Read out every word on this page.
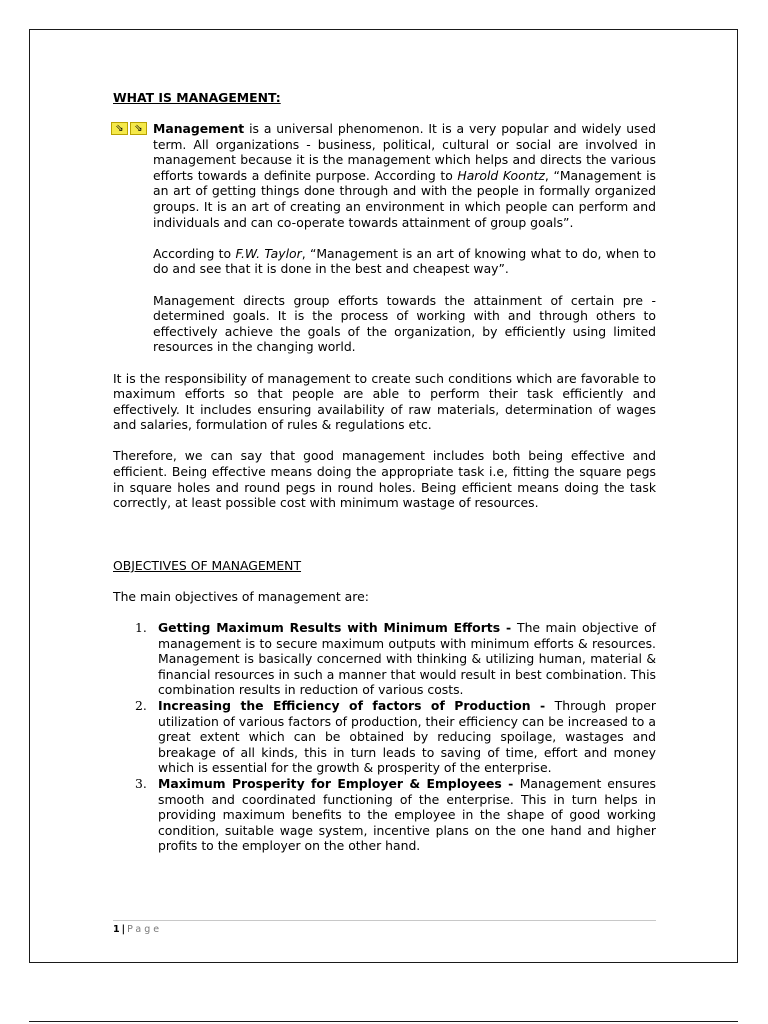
WHAT IS MANAGEMENT:

⇘	⇘ Management is a universal phenomenon. It is a very popular and widely used term. All organizations - business, political, cultural or social are involved in management because it is the management which helps and directs the various efforts towards a definite purpose. According to Harold Koontz, “Management is an art of getting things done through and with the people in formally organized groups. It is an art of creating an environment in which people can perform and individuals and can co-operate towards attainment of group goals”.

According to F.W. Taylor, “Management is an art of knowing what to do, when to do and see that it is done in the best and cheapest way”.

Management directs group efforts towards the attainment of certain pre - determined goals. It is the process of working with and through others to effectively achieve the goals of the organization, by efficiently using limited resources in the changing world.

It is the responsibility of management to create such conditions which are favorable to maximum efforts so that people are able to perform their task efficiently and effectively. It includes ensuring availability of raw materials, determination of wages and salaries, formulation of rules & regulations etc.

Therefore, we can say that good management includes both being effective and efficient. Being effective means doing the appropriate task i.e, fitting the square pegs in square holes and round pegs in round holes. Being efficient means doing the task correctly, at least possible cost with minimum wastage of resources.

OBJECTIVES OF MANAGEMENT

The main objectives of management are:

1. Getting Maximum Results with Minimum Efforts - The main objective of management is to secure maximum outputs with minimum efforts & resources. Management is basically concerned with thinking & utilizing human, material & financial resources in such a manner that would result in best combination. This combination results in reduction of various costs.
2. Increasing the Efficiency of factors of Production - Through proper utilization of various factors of production, their efficiency can be increased to a great extent which can be obtained by reducing spoilage, wastages and breakage of all kinds, this in turn leads to saving of time, effort and money which is essential for the growth & prosperity of the enterprise.
3. Maximum Prosperity for Employer & Employees - Management ensures smooth and coordinated functioning of the enterprise. This in turn helps in providing maximum benefits to the employee in the shape of good working condition, suitable wage system, incentive plans on the one hand and higher profits to the employer on the other hand.
1 | Page
